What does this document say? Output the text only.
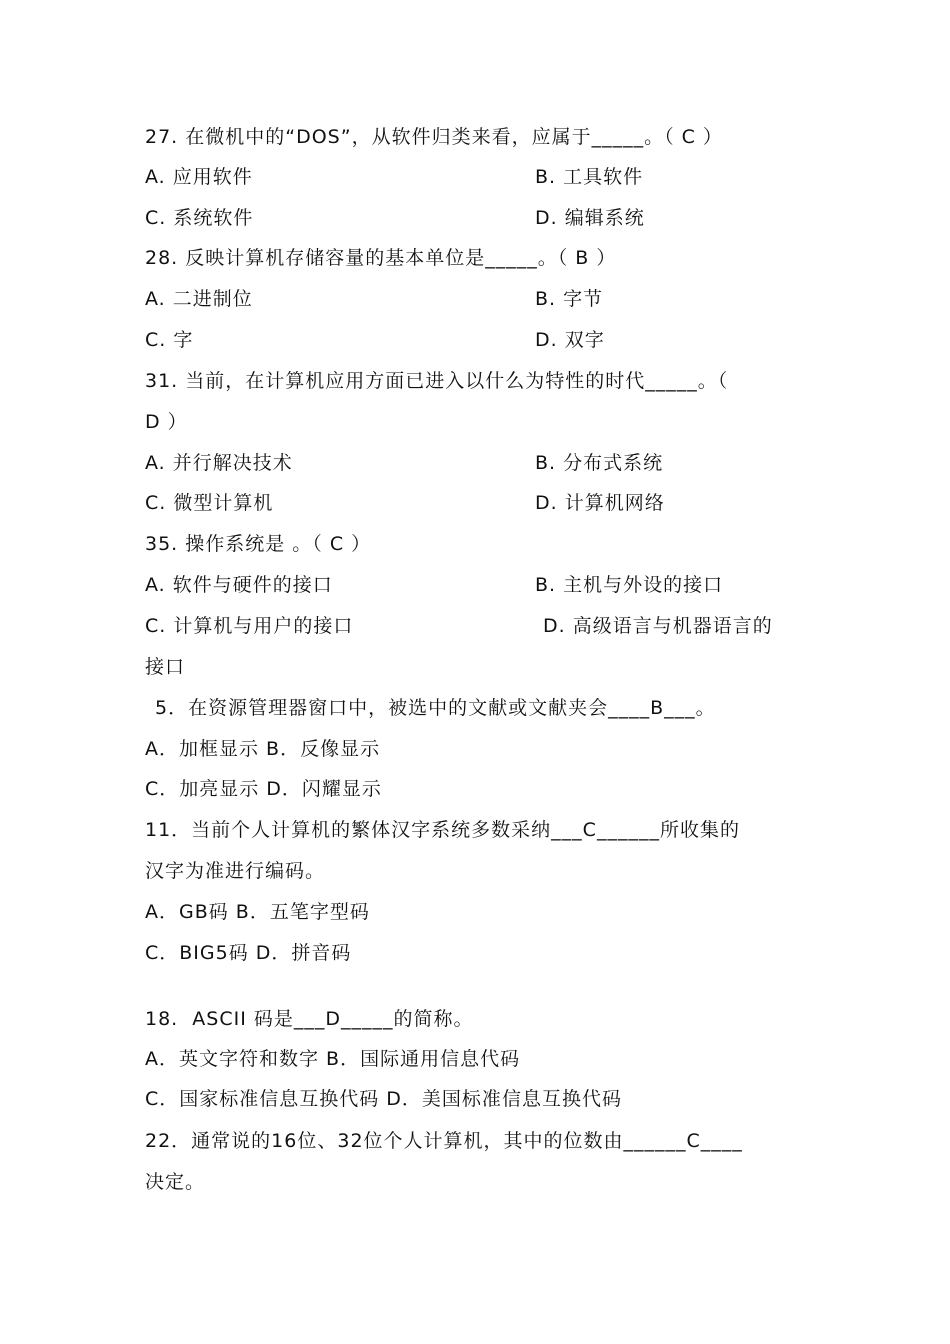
27. 在微机中的“DOS”，从软件归类来看，应属于_____。（ C ）
A. 应用软件	B. 工具软件
C. 系统软件	D. 编辑系统
28. 反映计算机存储容量的基本单位是_____。（ B ）
A. 二进制位	B. 字节
C. 字	D. 双字
31. 当前，在计算机应用方面已进入以什么为特性的时代_____。（
D ）
A. 并行解决技术	B. 分布式系统
C. 微型计算机	D. 计算机网络
35. 操作系统是 。（ C ）
A. 软件与硬件的接口	B. 主机与外设的接口
C. 计算机与用户的接口	D. 高级语言与机器语言的
接口
5．在资源管理器窗口中，被选中的文献或文献夹会____B___。
A．加框显示 B．反像显示
C．加亮显示 D．闪耀显示
11．当前个人计算机的繁体汉字系统多数采纳___C______所收集的
汉字为准进行编码。
A．GB码 B．五笔字型码
C．BIG5码 D．拼音码
18.  ASCII 码是___D_____的简称。
A．英文字符和数字 B．国际通用信息代码
C．国家标准信息互换代码 D．美国标准信息互换代码
22．通常说的16位、32位个人计算机，其中的位数由______C____
决定。
